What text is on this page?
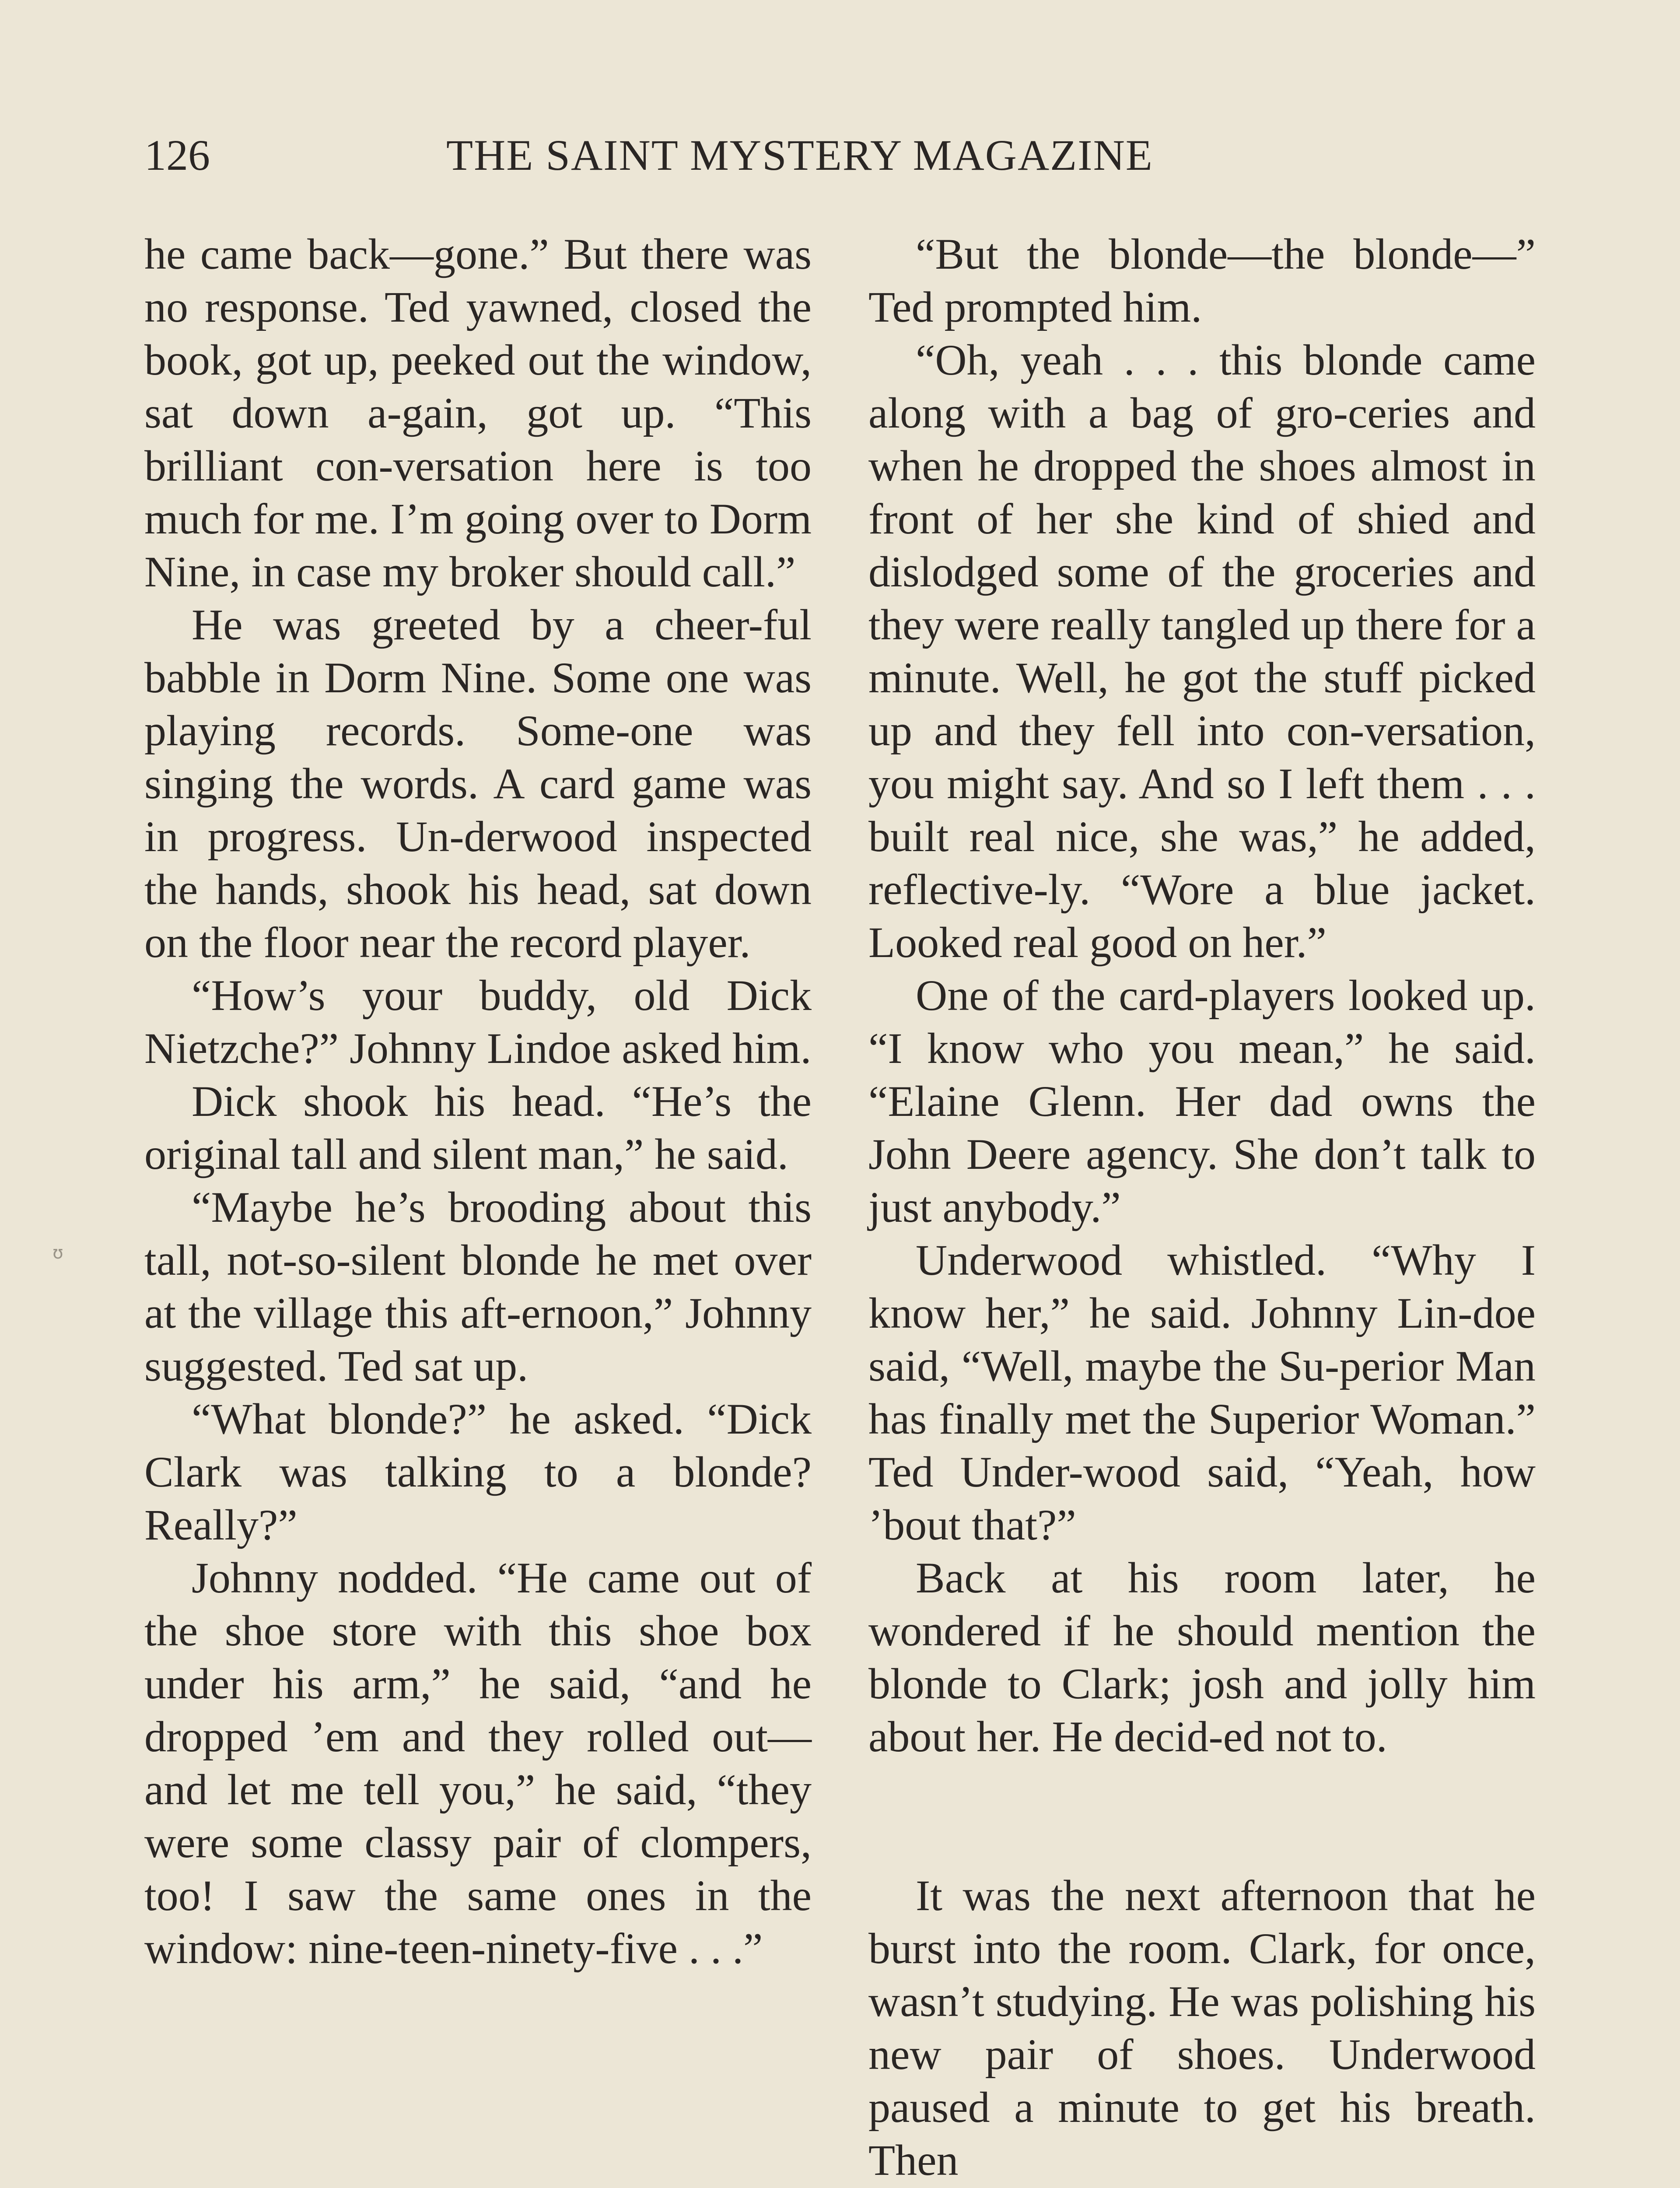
126	THE SAINT MYSTERY MAGAZINE

he came back—gone.” But there was no response. Ted yawned, closed the book, got up, peeked out the window, sat down a-gain, got up. “This brilliant con-versation here is too much for me. I’m going over to Dorm Nine, in case my broker should call.”

He was greeted by a cheer-ful babble in Dorm Nine. Some one was playing records. Some-one was singing the words. A card game was in progress. Un-derwood inspected the hands, shook his head, sat down on the floor near the record player.

“How’s your buddy, old Dick Nietzche?” Johnny Lindoe asked him.

Dick shook his head. “He’s the original tall and silent man,” he said.

“Maybe he’s brooding about this tall, not-so-silent blonde he met over at the village this aft-ernoon,” Johnny suggested. Ted sat up.

“What blonde?” he asked. “Dick Clark was talking to a blonde? Really?”

Johnny nodded. “He came out of the shoe store with this shoe box under his arm,” he said, “and he dropped ’em and they rolled out—and let me tell you,” he said, “they were some classy pair of clompers, too! I saw the same ones in the window: nine-teen-ninety-five . . .”

“But the blonde—the blonde—” Ted prompted him.

“Oh, yeah . . . this blonde came along with a bag of gro-ceries and when he dropped the shoes almost in front of her she kind of shied and dislodged some of the groceries and they were really tangled up there for a minute. Well, he got the stuff picked up and they fell into con-versation, you might say. And so I left them . . . built real nice, she was,” he added, reflective-ly. “Wore a blue jacket. Looked real good on her.”

One of the card-players looked up. “I know who you mean,” he said. “Elaine Glenn. Her dad owns the John Deere agency. She don’t talk to just anybody.”

Underwood whistled. “Why I know her,” he said. Johnny Lin-doe said, “Well, maybe the Su-perior Man has finally met the Superior Woman.” Ted Under-wood said, “Yeah, how ’bout that?”

Back at his room later, he wondered if he should mention the blonde to Clark; josh and jolly him about her. He decid-ed not to.

It was the next afternoon that he burst into the room. Clark, for once, wasn’t studying. He was polishing his new pair of shoes. Underwood paused a minute to get his breath. Then

ʊ
